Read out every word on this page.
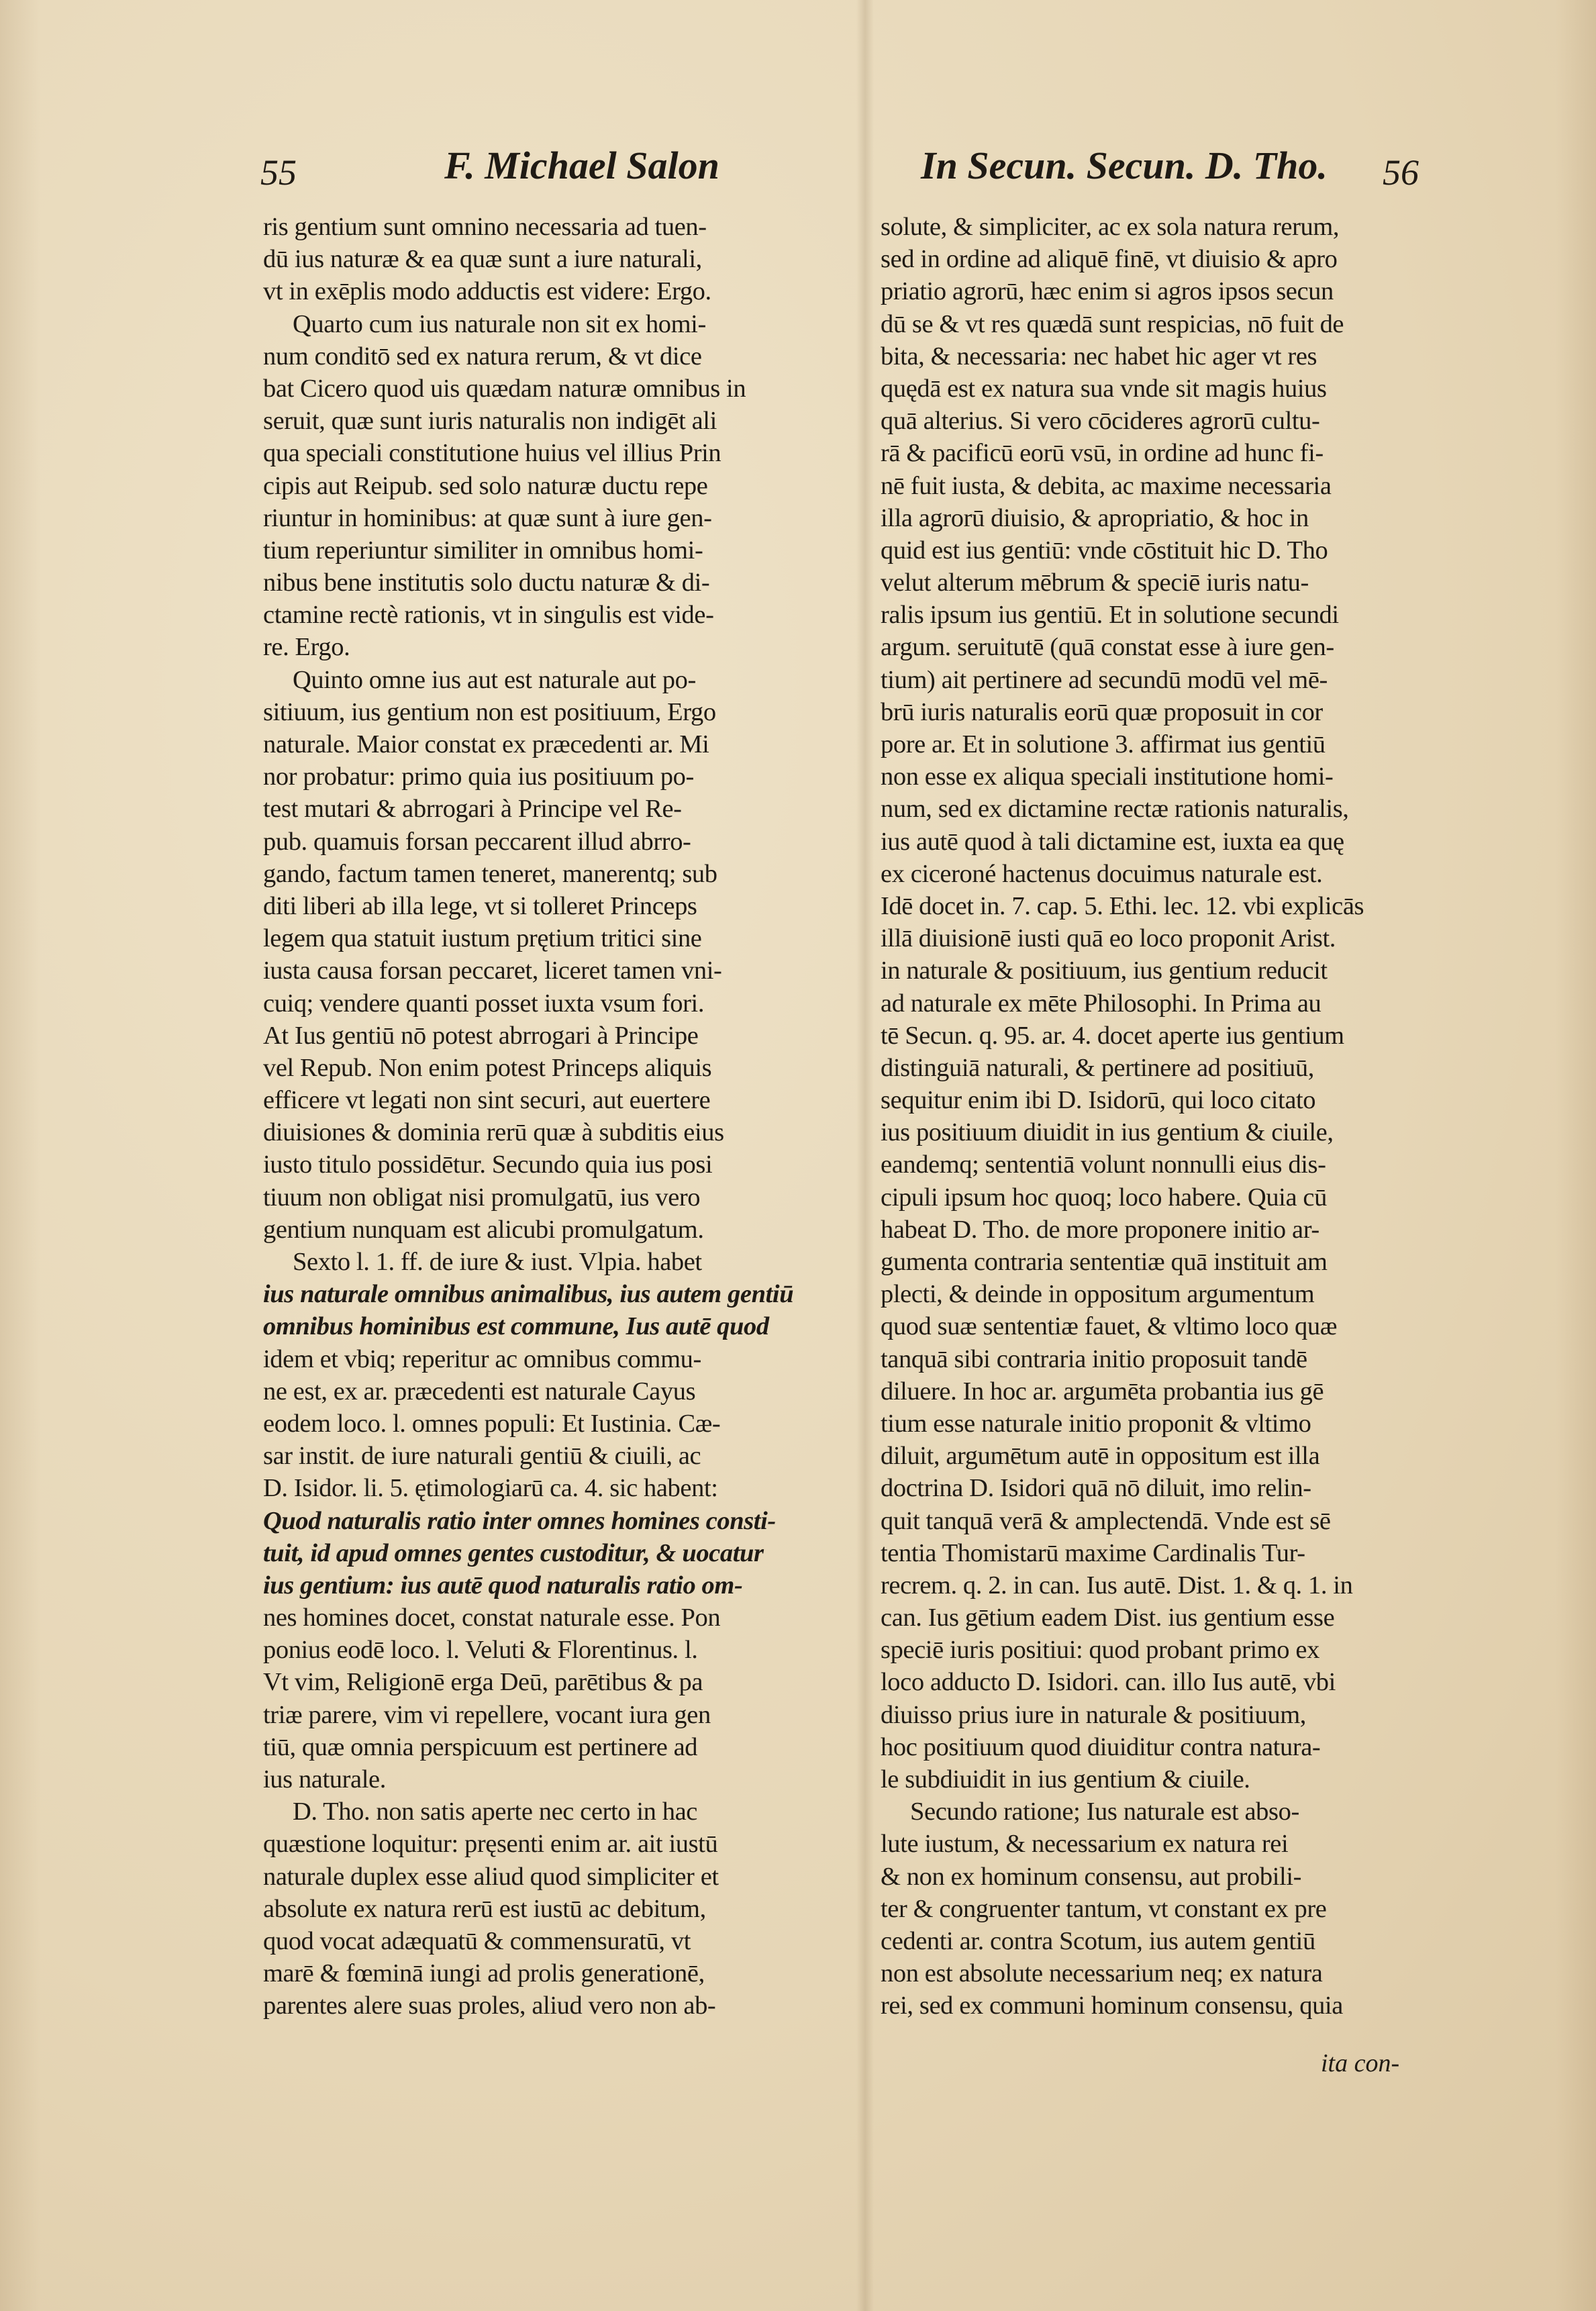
55	F. Michael Salon	In Secun. Secun. D. Tho. 56
ris gentium sunt omnino necessaria ad tuen-
dū ius naturæ & ea quæ sunt a iure naturali,
vt in exēplis modo adductis est videre: Ergo.
Quarto cum ius naturale non sit ex homi-
num conditō sed ex natura rerum, & vt dice
bat Cicero quod uis quædam naturæ omnibus in
seruit, quæ sunt iuris naturalis non indigēt ali
qua speciali constitutione huius vel illius Prin
cipis aut Reipub. sed solo naturæ ductu repe
riuntur in hominibus: at quæ sunt à iure gen-
tium reperiuntur similiter in omnibus homi-
nibus bene institutis solo ductu naturæ & di-
ctamine rectè rationis, vt in singulis est vide-
re. Ergo.
Quinto omne ius aut est naturale aut po-
sitiuum, ius gentium non est positiuum, Ergo
naturale. Maior constat ex præcedenti ar. Mi
nor probatur: primo quia ius positiuum po-
test mutari & abrrogari à Principe vel Re-
pub. quamuis forsan peccarent illud abrro-
gando, factum tamen teneret, manerentq; sub
diti liberi ab illa lege, vt si tolleret Princeps
legem qua statuit iustum prętium tritici sine
iusta causa forsan peccaret, liceret tamen vni-
cuiq; vendere quanti posset iuxta vsum fori.
At Ius gentiū nō potest abrrogari à Principe
vel Repub. Non enim potest Princeps aliquis
efficere vt legati non sint securi, aut euertere
diuisiones & dominia rerū quæ à subditis eius
iusto titulo possidētur. Secundo quia ius posi
tiuum non obligat nisi promulgatū, ius vero
gentium nunquam est alicubi promulgatum.
Sexto l. 1. ff. de iure & iust. Vlpia. habet
ius naturale omnibus animalibus, ius autem gentiū
omnibus hominibus est commune, Ius autē quod
idem et vbiq; reperitur ac omnibus commu-
ne est, ex ar. præcedenti est naturale Cayus
eodem loco. l. omnes populi: Et Iustinia. Cæ-
sar instit. de iure naturali gentiū & ciuili, ac
D. Isidor. li. 5. ętimologiarū ca. 4. sic habent:
Quod naturalis ratio inter omnes homines consti-
tuit, id apud omnes gentes custoditur, & uocatur
ius gentium: ius autē quod naturalis ratio om-
nes homines docet, constat naturale esse. Pon
ponius eodē loco. l. Veluti & Florentinus. l.
Vt vim, Religionē erga Deū, parētibus & pa
triæ parere, vim vi repellere, vocant iura gen
tiū, quæ omnia perspicuum est pertinere ad
ius naturale.
D. Tho. non satis aperte nec certo in hac
quæstione loquitur: pręsenti enim ar. ait iustū
naturale duplex esse aliud quod simpliciter et
absolute ex natura rerū est iustū ac debitum,
quod vocat adæquatū & commensuratū, vt
marē & fœminā iungi ad prolis generationē,
parentes alere suas proles, aliud vero non ab-
solute, & simpliciter, ac ex sola natura rerum,
sed in ordine ad aliquē finē, vt diuisio & apro
priatio agrorū, hæc enim si agros ipsos secun
dū se & vt res quædā sunt respicias, nō fuit de
bita, & necessaria: nec habet hic ager vt res
quędā est ex natura sua vnde sit magis huius
quā alterius. Si vero cōcideres agrorū cultu-
rā & pacificū eorū vsū, in ordine ad hunc fi-
nē fuit iusta, & debita, ac maxime necessaria
illa agrorū diuisio, & apropriatio, & hoc in
quid est ius gentiū: vnde cōstituit hic D. Tho
velut alterum mēbrum & speciē iuris natu-
ralis ipsum ius gentiū. Et in solutione secundi
argum. seruitutē (quā constat esse à iure gen-
tium) ait pertinere ad secundū modū vel mē-
brū iuris naturalis eorū quæ proposuit in cor
pore ar. Et in solutione 3. affirmat ius gentiū
non esse ex aliqua speciali institutione homi-
num, sed ex dictamine rectæ rationis naturalis,
ius autē quod à tali dictamine est, iuxta ea quę
ex ciceroné hactenus docuimus naturale est.
Idē docet in. 7. cap. 5. Ethi. lec. 12. vbi explicās
illā diuisionē iusti quā eo loco proponit Arist.
in naturale & positiuum, ius gentium reducit
ad naturale ex mēte Philosophi. In Prima au
tē Secun. q. 95. ar. 4. docet aperte ius gentium
distinguiā naturali, & pertinere ad positiuū,
sequitur enim ibi D. Isidorū, qui loco citato
ius positiuum diuidit in ius gentium & ciuile,
eandemq; sententiā volunt nonnulli eius dis-
cipuli ipsum hoc quoq; loco habere. Quia cū
habeat D. Tho. de more proponere initio ar-
gumenta contraria sententiæ quā instituit am
plecti, & deinde in oppositum argumentum
quod suæ sententiæ fauet, & vltimo loco quæ
tanquā sibi contraria initio proposuit tandē
diluere. In hoc ar. argumēta probantia ius gē
tium esse naturale initio proponit & vltimo
diluit, argumētum autē in oppositum est illa
doctrina D. Isidori quā nō diluit, imo relin-
quit tanquā verā & amplectendā. Vnde est sē
tentia Thomistarū maxime Cardinalis Tur-
recrem. q. 2. in can. Ius autē. Dist. 1. & q. 1. in
can. Ius gētium eadem Dist. ius gentium esse
speciē iuris positiui: quod probant primo ex
loco adducto D. Isidori. can. illo Ius autē, vbi
diuisso prius iure in naturale & positiuum,
hoc positiuum quod diuiditur contra natura-
le subdiuidit in ius gentium & ciuile.
Secundo ratione; Ius naturale est abso-
lute iustum, & necessarium ex natura rei
& non ex hominum consensu, aut probili-
ter & congruenter tantum, vt constant ex pre
cedenti ar. contra Scotum, ius autem gentiū
non est absolute necessarium neq; ex natura
rei, sed ex communi hominum consensu, quia
ita con-
